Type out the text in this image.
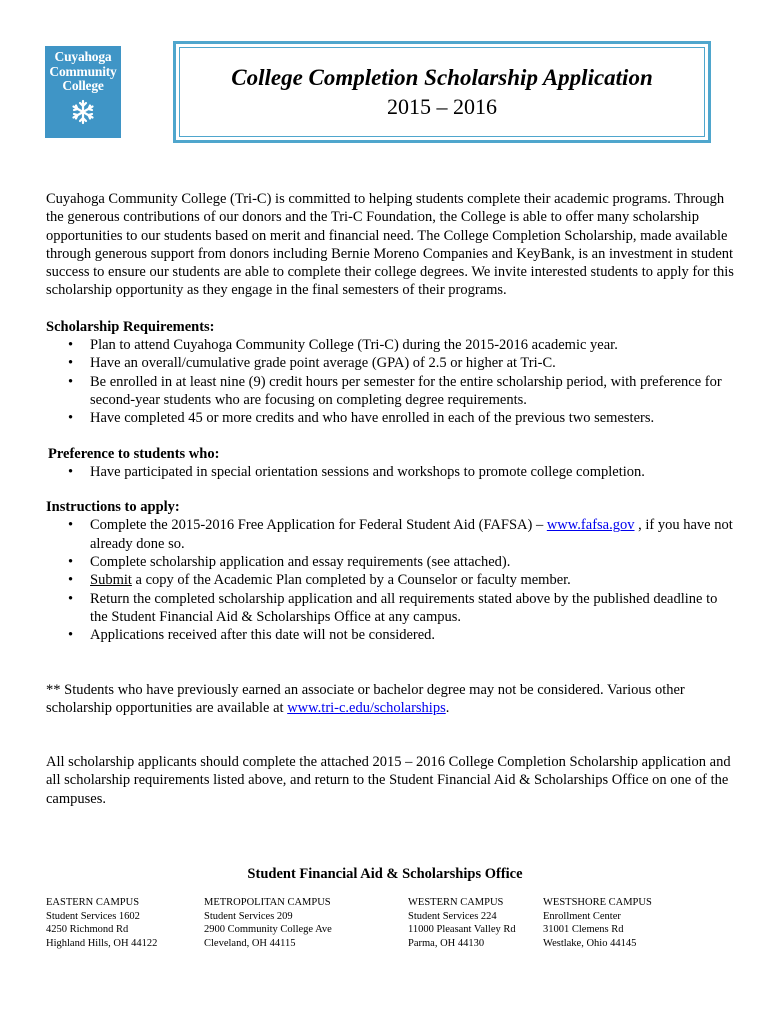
Cuyahoga
Community
College	College Completion Scholarship Application
2015 – 2016

Cuyahoga Community College (Tri-C) is committed to helping students complete their academic programs. Through the generous contributions of our donors and the Tri-C Foundation, the College is able to offer many scholarship opportunities to our students based on merit and financial need. The College Completion Scholarship, made available through generous support from donors including Bernie Moreno Companies and KeyBank, is an investment in student success to ensure our students are able to complete their college degrees. We invite interested students to apply for this scholarship opportunity as they engage in the final semesters of their programs.

Scholarship Requirements:

• Plan to attend Cuyahoga Community College (Tri-C) during the 2015-2016 academic year.
• Have an overall/cumulative grade point average (GPA) of 2.5 or higher at Tri-C.
• Be enrolled in at least nine (9) credit hours per semester for the entire scholarship period, with preference for second-year students who are focusing on completing degree requirements.
• Have completed 45 or more credits and who have enrolled in each of the previous two semesters.

Preference to students who:

• Have participated in special orientation sessions and workshops to promote college completion.

Instructions to apply:

• Complete the 2015-2016 Free Application for Federal Student Aid (FAFSA) – www.fafsa.gov , if you have not already done so.
• Complete scholarship application and essay requirements (see attached).
• Submit a copy of the Academic Plan completed by a Counselor or faculty member.
• Return the completed scholarship application and all requirements stated above by the published deadline to the Student Financial Aid & Scholarships Office at any campus.
• Applications received after this date will not be considered.

** Students who have previously earned an associate or bachelor degree may not be considered. Various other scholarship opportunities are available at www.tri-c.edu/scholarships.

All scholarship applicants should complete the attached 2015 – 2016 College Completion Scholarship application and all scholarship requirements listed above, and return to the Student Financial Aid & Scholarships Office on one of the campuses.

Student Financial Aid & Scholarships Office
EASTERN CAMPUS
Student Services 1602
4250 Richmond Rd
Highland Hills, OH 44122
METROPOLITAN CAMPUS
Student Services 209
2900 Community College Ave
Cleveland, OH 44115
WESTERN CAMPUS
Student Services 224
11000 Pleasant Valley Rd
Parma, OH 44130
WESTSHORE CAMPUS
Enrollment Center
31001 Clemens Rd
Westlake, Ohio 44145
